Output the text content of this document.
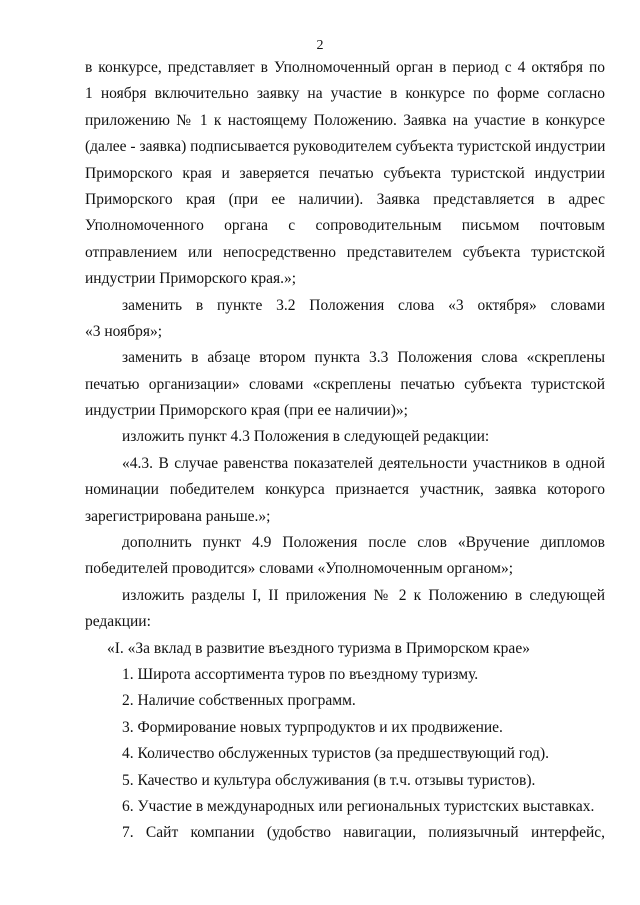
2
в конкурсе, представляет в Уполномоченный орган в период с 4 октября по
1 ноября включительно заявку на участие в конкурсе по форме согласно
приложению № 1 к настоящему Положению. Заявка на участие в конкурсе
(далее - заявка) подписывается руководителем субъекта туристской индустрии
Приморского края и заверяется печатью субъекта туристской индустрии
Приморского края (при ее наличии). Заявка представляется в адрес
Уполномоченного органа с сопроводительным письмом почтовым
отправлением или непосредственно представителем субъекта туристской
индустрии Приморского края.»;
заменить в пункте 3.2 Положения слова «3 октября» словами
«3 ноября»;
заменить в абзаце втором пункта 3.3 Положения слова «скреплены
печатью организации» словами «скреплены печатью субъекта туристской
индустрии Приморского края (при ее наличии)»;
изложить пункт 4.3 Положения в следующей редакции:
«4.3. В случае равенства показателей деятельности участников в одной
номинации победителем конкурса признается участник, заявка которого
зарегистрирована раньше.»;
дополнить пункт 4.9 Положения после слов «Вручение дипломов
победителей проводится» словами «Уполномоченным органом»;
изложить разделы I, II приложения № 2 к Положению в следующей
редакции:
«I. «За вклад в развитие въездного туризма в Приморском крае»
1. Широта ассортимента туров по въездному туризму.
2. Наличие собственных программ.
3. Формирование новых турпродуктов и их продвижение.
4. Количество обслуженных туристов (за предшествующий год).
5. Качество и культура обслуживания (в т.ч. отзывы туристов).
6. Участие в международных или региональных туристских выставках.
7. Сайт компании (удобство навигации, полиязычный интерфейс,
